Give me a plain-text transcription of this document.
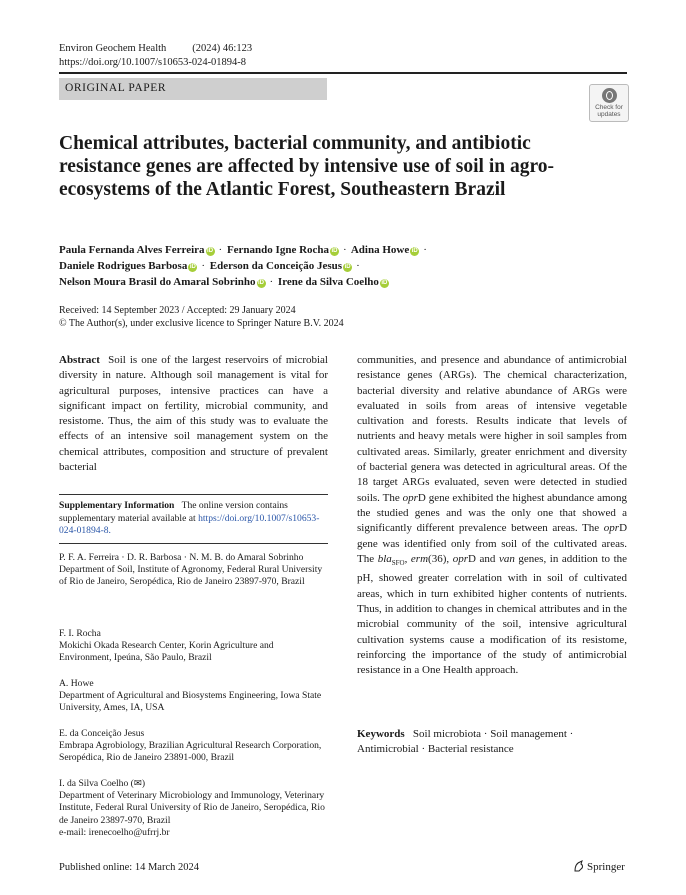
Environ Geochem Health (2024) 46:123
https://doi.org/10.1007/s10653-024-01894-8
ORIGINAL PAPER
Check for
updates
Chemical attributes, bacterial community, and antibiotic resistance genes are affected by intensive use of soil in agro-ecosystems of the Atlantic Forest, Southeastern Brazil
Paula Fernanda Alves Ferreira iD · Fernando Igne Rocha iD · Adina Howe iD ·
Daniele Rodrigues Barbosa iD · Ederson da Conceição Jesus iD ·
Nelson Moura Brasil do Amaral Sobrinho iD · Irene da Silva Coelho iD
Received: 14 September 2023 / Accepted: 29 January 2024
© The Author(s), under exclusive licence to Springer Nature B.V. 2024
Abstract Soil is one of the largest reservoirs of microbial diversity in nature. Although soil management is vital for agricultural purposes, intensive practices can have a significant impact on fertility, microbial community, and resistome. Thus, the aim of this study was to evaluate the effects of an intensive soil management system on the chemical attributes, composition and structure of prevalent bacterial
communities, and presence and abundance of antimicrobial resistance genes (ARGs). The chemical characterization, bacterial diversity and relative abundance of ARGs were evaluated in soils from areas of intensive vegetable cultivation and forests. Results indicate that levels of nutrients and heavy metals were higher in soil samples from cultivated areas. Similarly, greater enrichment and diversity of bacterial genera was detected in agricultural areas. Of the 18 target ARGs evaluated, seven were detected in studied soils. The oprD gene exhibited the highest abundance among the studied genes and was the only one that showed a significantly different prevalence between areas. The oprD gene was identified only from soil of the cultivated areas. The bla$_{SFO}$, erm(36), oprD and van genes, in addition to the pH, showed greater correlation with in soil of cultivated areas, which in turn exhibited higher contents of nutrients. Thus, in addition to changes in chemical attributes and in the microbial community of the soil, intensive agricultural cultivation systems cause a modification of its resistome, reinforcing the importance of the study of antimicrobial resistance in a One Health approach.
Keywords Soil microbiota · Soil management · Antimicrobial · Bacterial resistance
Supplementary Information The online version contains supplementary material available at https://doi.org/10.1007/s10653-024-01894-8.
P. F. A. Ferreira · D. R. Barbosa · N. M. B. do Amaral Sobrinho
Department of Soil, Institute of Agronomy, Federal Rural University of Rio de Janeiro, Seropédica, Rio de Janeiro 23897-970, Brazil
F. I. Rocha
Mokichi Okada Research Center, Korin Agriculture and Environment, Ipeúna, São Paulo, Brazil
A. Howe
Department of Agricultural and Biosystems Engineering, Iowa State University, Ames, IA, USA
E. da Conceição Jesus
Embrapa Agrobiology, Brazilian Agricultural Research Corporation, Seropédica, Rio de Janeiro 23891-000, Brazil
I. da Silva Coelho (✉)
Department of Veterinary Microbiology and Immunology, Veterinary Institute, Federal Rural University of Rio de Janeiro, Seropédica, Rio de Janeiro 23897-970, Brazil
e-mail: irenecoelho@ufrrj.br
Published online: 14 March 2024	Springer
